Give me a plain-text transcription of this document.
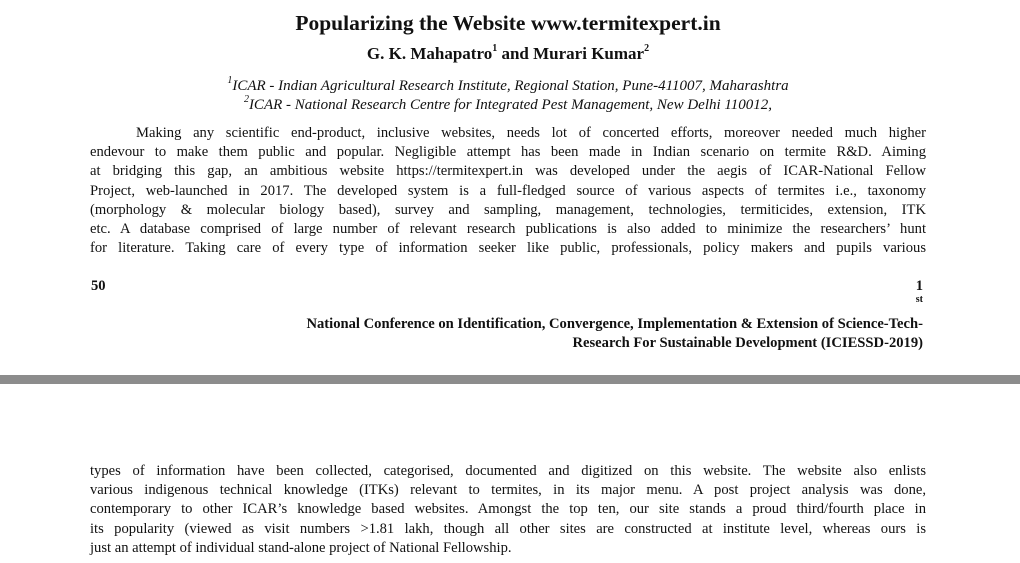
Popularizing the Website www.termitexpert.in
G. K. Mahapatro$^1$ and Murari Kumar$^2$
$^1$ICAR - Indian Agricultural Research Institute, Regional Station, Pune-411007, Maharashtra
$^2$ICAR - National Research Centre for Integrated Pest Management, New Delhi 110012,
Making any scientific end-product, inclusive websites, needs lot of concerted efforts, moreover needed much higher
endevour to make them public and popular. Negligible attempt has been made in Indian scenario on termite R&D. Aiming
at bridging this gap, an ambitious website https://termitexpert.in was developed under the aegis of ICAR-National Fellow
Project, web-launched in 2017. The developed system is a full-fledged source of various aspects of termites i.e., taxonomy
(morphology & molecular biology based), survey and sampling, management, technologies, termiticides, extension, ITK
etc. A database comprised of large number of relevant research publications is also added to minimize the researchers’ hunt
for literature. Taking care of every type of information seeker like public, professionals, policy makers and pupils various
50	1
$^{st}$
National Conference on Identification, Convergence, Implementation & Extension of Science-Tech-
Research For Sustainable Development (ICIESSD-2019)
types of information have been collected, categorised, documented and digitized on this website. The website also enlists
various indigenous technical knowledge (ITKs) relevant to termites, in its major menu. A post project analysis was done,
contemporary to other ICAR’s knowledge based websites. Amongst the top ten, our site stands a proud third/fourth place in
its popularity (viewed as visit numbers >1.81 lakh, though all other sites are constructed at institute level, whereas ours is
just an attempt of individual stand-alone project of National Fellowship.
